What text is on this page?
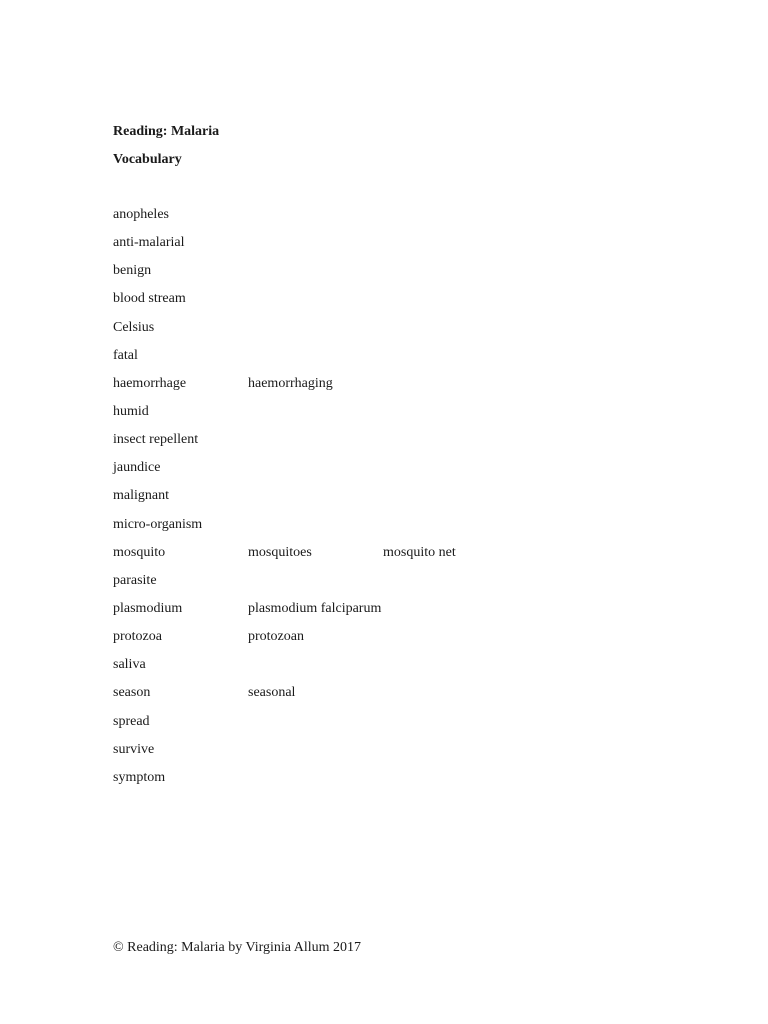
Reading: Malaria
Vocabulary
anopheles
anti-malarial
benign
blood stream
Celsius
fatal
haemorrhage	haemorrhaging
humid
insect repellent
jaundice
malignant
micro-organism
mosquito	mosquitoes	mosquito net
parasite
plasmodium	plasmodium falciparum
protozoa	protozoan
saliva
season	seasonal
spread
survive
symptom
© Reading: Malaria by Virginia Allum 2017
